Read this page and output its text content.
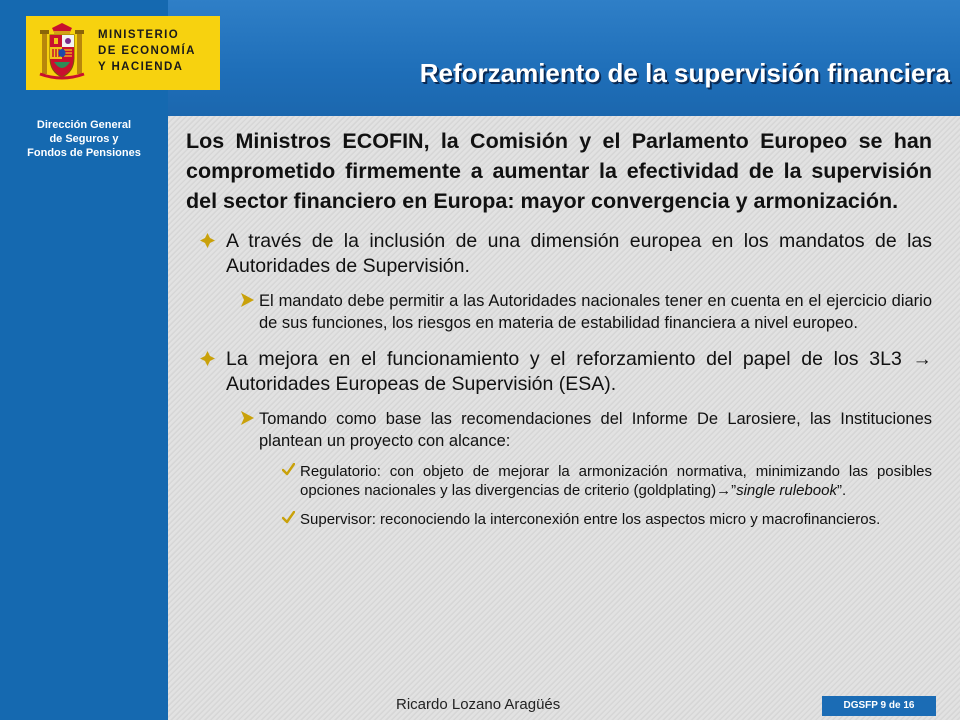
Dirección General
de Seguros y
Fondos de Pensiones
Reforzamiento de la supervisión financiera
MINISTERIO
DE ECONOMÍA
Y HACIENDA

Los Ministros ECOFIN, la Comisión y el Parlamento Europeo se han comprometido firmemente a aumentar la efectividad de la supervisión del sector financiero en Europa: mayor convergencia y armonización.

A través de la inclusión de una dimensión europea en los mandatos de las Autoridades de Supervisión.
El mandato debe permitir a las Autoridades nacionales tener en cuenta en el ejercicio diario de sus funciones, los riesgos en materia de estabilidad financiera a nivel europeo.
La mejora en el funcionamiento y el reforzamiento del papel de los 3L3 → Autoridades Europeas de Supervisión (ESA).
Tomando como base las recomendaciones del Informe De Larosiere, las Instituciones plantean un proyecto con alcance:
Regulatorio: con objeto de mejorar la armonización normativa, minimizando las posibles opciones nacionales y las divergencias de criterio (goldplating)→”single rulebook”.
Supervisor: reconociendo la interconexión entre los aspectos micro y macrofinancieros.
Ricardo Lozano Aragüés	DGSFP 9 de 16
